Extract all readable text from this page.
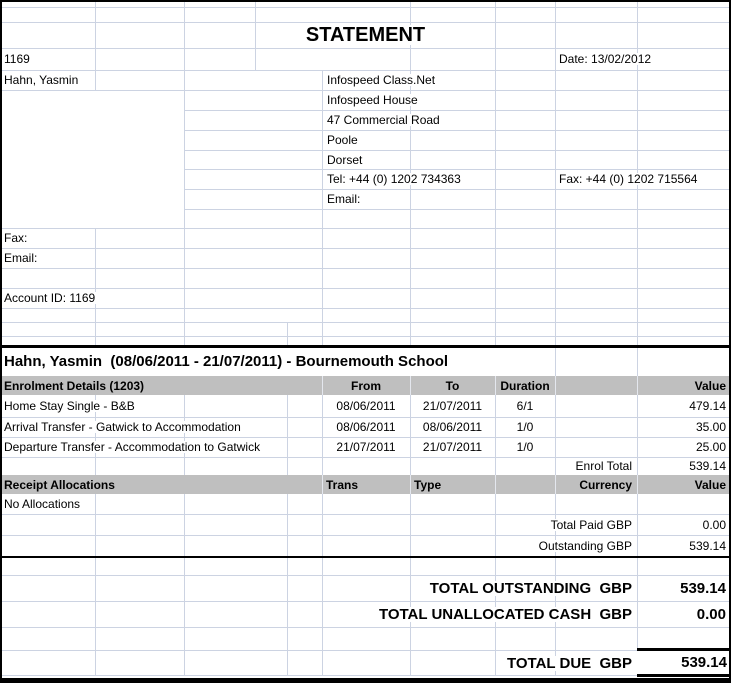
STATEMENT
1169	Date: 13/02/2012
Hahn, Yasmin	Infospeed Class.Net
Infospeed House
47 Commercial Road
Poole
Dorset
Tel: +44 (0) 1202 734363	Fax: +44 (0) 1202 715564
Email:
Fax:
Email:
Account ID: 1169
Hahn, Yasmin  (08/06/2011 - 21/07/2011) - Bournemouth School
Enrolment Details (1203)	From	To	Duration	Value
Home Stay Single - B&B	08/06/2011 21/07/2011	6/1	479.14
Arrival Transfer - Gatwick to Accommodation	08/06/2011 08/06/2011	1/0	35.00
Departure Transfer - Accommodation to Gatwick	21/07/2011 21/07/2011	1/0	25.00
Enrol Total	539.14
Receipt Allocations	Trans	Type	Currency	Value
No Allocations
Total Paid GBP	0.00
Outstanding GBP	539.14
TOTAL OUTSTANDING  GBP	539.14
TOTAL UNALLOCATED CASH  GBP	0.00
TOTAL DUE  GBP	539.14
